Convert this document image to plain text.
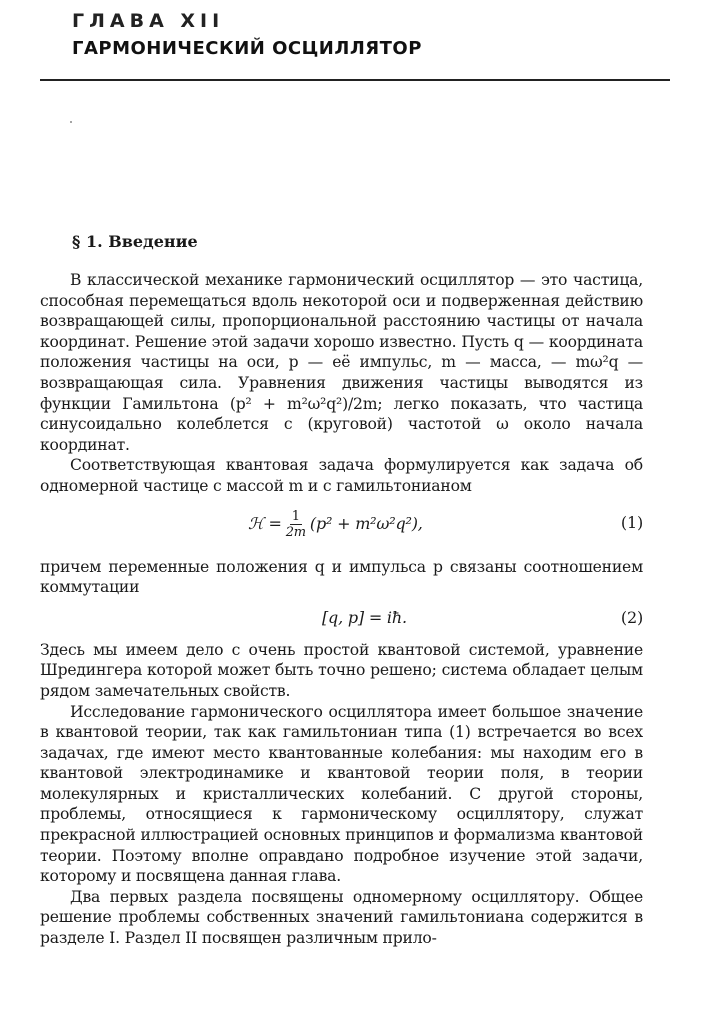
ГЛАВА XII
ГАРМОНИЧЕСКИЙ ОСЦИЛЛЯТОР
§ 1. Введение

В классической механике гармонический осциллятор — это частица, способная перемещаться вдоль некоторой оси и подверженная действию возвращающей силы, пропорциональной расстоянию частицы от начала координат. Решение этой задачи хорошо известно. Пусть q — координата положения частицы на оси, p — её импульс, m — масса, — mω²q — возвращающая сила. Уравнения движения частицы выводятся из функции Гамильтона (p² + m²ω²q²)/2m; легко показать, что частица синусоидально колеблется с (круговой) частотой ω около начала координат.

Соответствующая квантовая задача формулируется как задача об одномерной частице с массой m и с гамильтонианом

ℋ = $\frac{1}{2m} (p^2 + m^2\omega^2q^2)$,	(1)

причем переменные положения q и импульса p связаны соотношением коммутации

[q, p] = iħ.	(2)

Здесь мы имеем дело с очень простой квантовой системой, уравнение Шредингера которой может быть точно решено; система обладает целым рядом замечательных свойств.

Исследование гармонического осциллятора имеет большое значение в квантовой теории, так как гамильтониан типа (1) встречается во всех задачах, где имеют место квантованные колебания: мы находим его в квантовой электродинамике и квантовой теории поля, в теории молекулярных и кристаллических колебаний. С другой стороны, проблемы, относящиеся к гармоническому осциллятору, служат прекрасной иллюстрацией основных принципов и формализма квантовой теории. Поэтому вполне оправдано подробное изучение этой задачи, которому и посвящена данная глава.

Два первых раздела посвящены одномерному осциллятору. Общее решение проблемы собственных значений гамильтониана содержится в разделе I. Раздел II посвящен различным прило-
